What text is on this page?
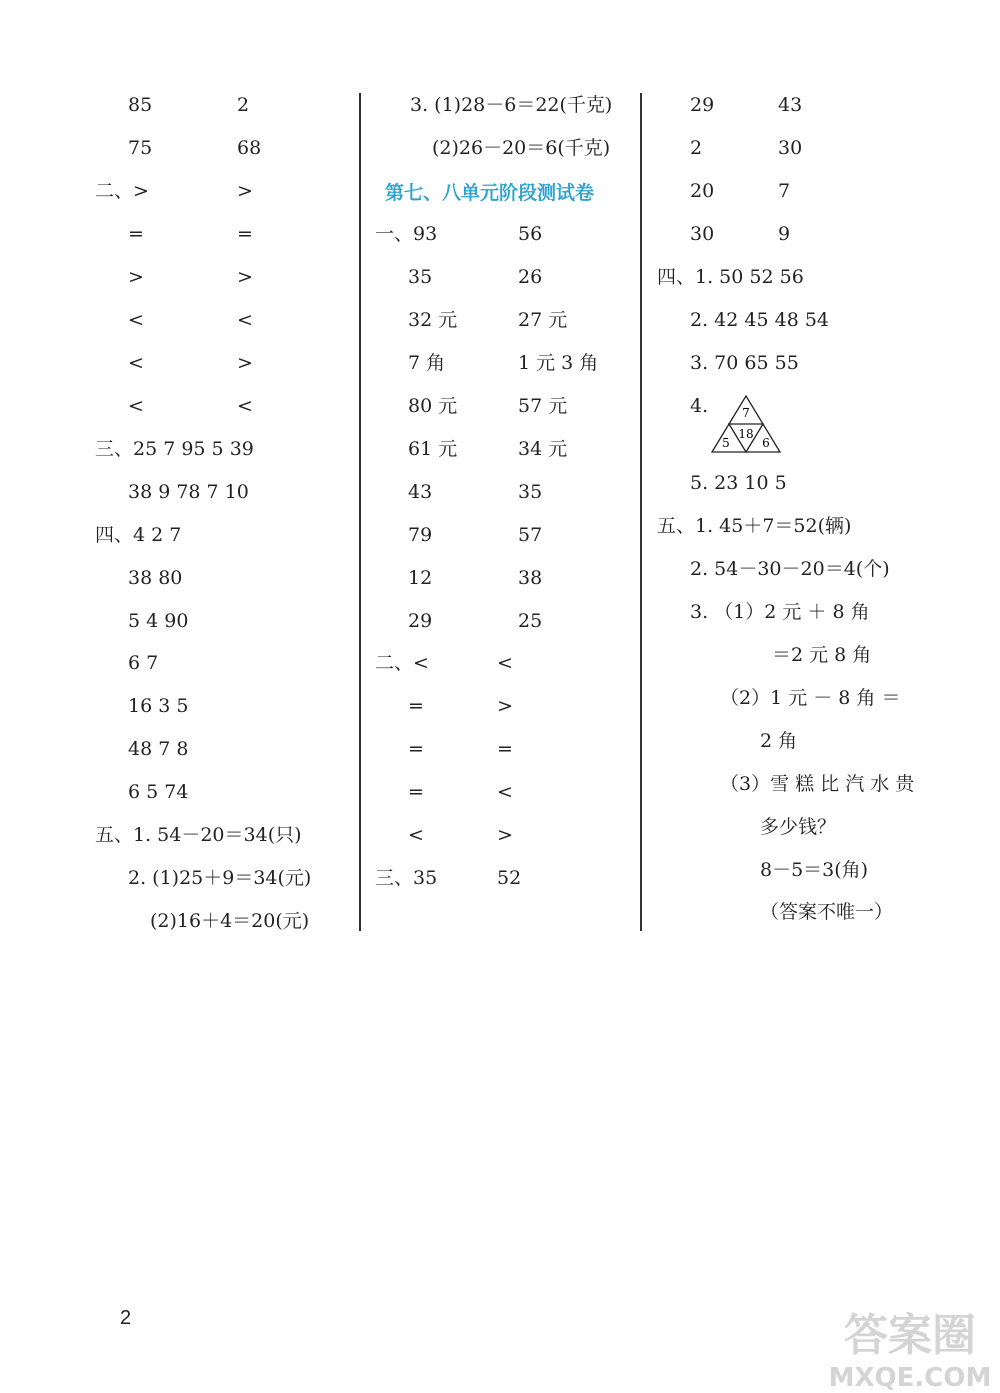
85	2
75	68
二、>	>
=	=
>	>
<	<
<	>
<	<
三、25 7 95 5 39
38 9 78 7 10
四、4 2 7
38 80
5 4 90
6 7
16 3 5
48 7 8
6 5 74
五、1. 54－20＝34(只)
2. (1)25＋9＝34(元)
(2)16＋4＝20(元)
3. (1)28－6＝22(千克)
(2)26－20＝6(千克)
一、93	56
35	26
32 元	27 元
7 角	1 元 3 角
80 元	57 元
61 元	34 元
43	35
79	57
12	38
29	25
二、<	<
=	>
=	=
=	<
<	>
三、35	52
29	43
2	30
20	7
30	9
四、1. 50 52 56
2. 42 45 48 54
3. 70 65 55
4.
5. 23 10 5
五、1. 45＋7＝52(辆)
2. 54－30－20＝4(个)
3. （1）2 元 ＋ 8 角
＝2 元 8 角
（2）1 元 － 8 角 ＝
2 角
（3）雪 糕 比 汽 水 贵
多少钱？
8－5＝3(角)
（答案不唯一）
第七、八单元阶段测试卷
7
18
5	6
2	答案圈
MXQE.COM
